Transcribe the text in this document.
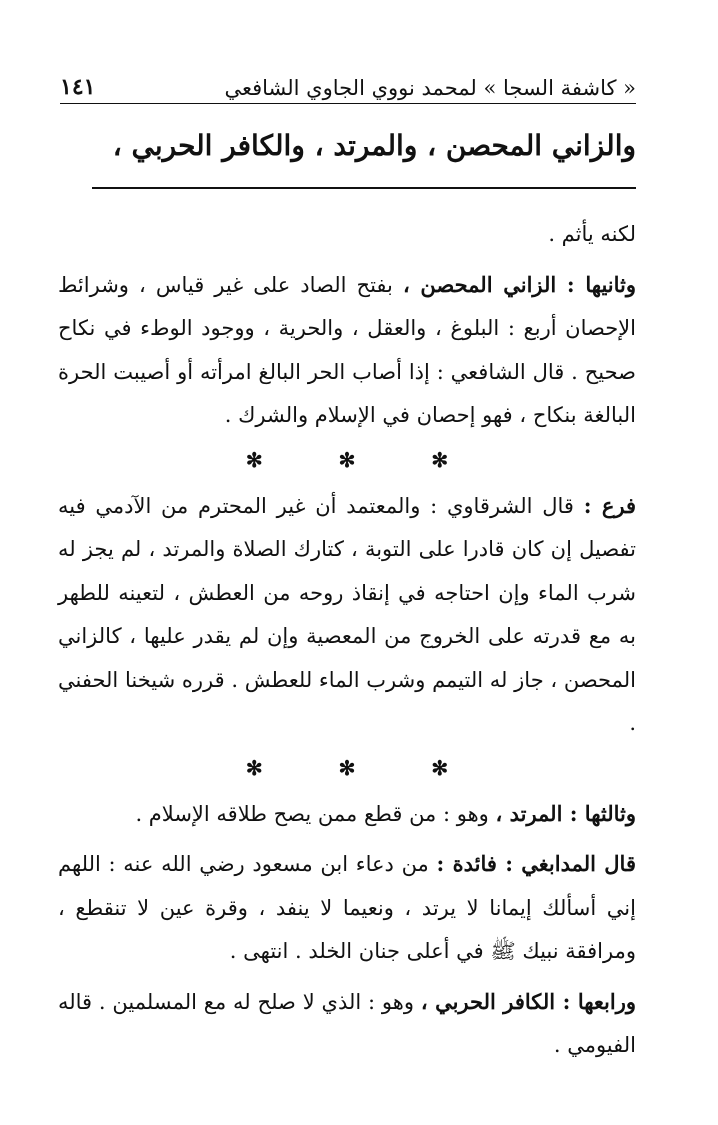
« كاشفة السجا » لمحمد نووي الجاوي الشافعي
١٤١
والزاني المحصن ، والمرتد ، والكافر الحربي ،

لكنه يأثم .

وثانيها : الزاني المحصن ، بفتح الصاد على غير قياس ، وشرائط الإحصان أربع : البلوغ ، والعقل ، والحرية ، ووجود الوطء في نكاح صحيح . قال الشافعي : إذا أصاب الحر البالغ امرأته أو أصيبت الحرة البالغة بنكاح ، فهو إحصان في الإسلام والشرك .

✻
✻
✻

فرع : قال الشرقاوي : والمعتمد أن غير المحترم من الآدمي فيه تفصيل إن كان قادرا على التوبة ، كتارك الصلاة والمرتد ، لم يجز له شرب الماء وإن احتاجه في إنقاذ روحه من العطش ، لتعينه للطهر به مع قدرته على الخروج من المعصية وإن لم يقدر عليها ، كالزاني المحصن ، جاز له التيمم وشرب الماء للعطش . قرره شيخنا الحفني .

✻
✻
✻

وثالثها : المرتد ، وهو : من قطع ممن يصح طلاقه الإسلام .

قال المدابغي : فائدة : من دعاء ابن مسعود رضي الله عنه : اللهم إني أسألك إيمانا لا يرتد ، ونعيما لا ينفد ، وقرة عين لا تنقطع ، ومرافقة نبيك ﷺ في أعلى جنان الخلد . انتهى .

ورابعها : الكافر الحربي ، وهو : الذي لا صلح له مع المسلمين . قاله الفيومي .
